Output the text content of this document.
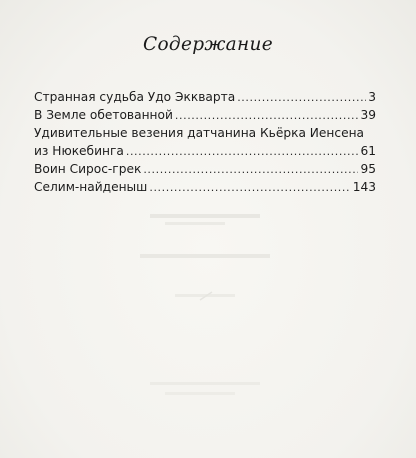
Содержание
Странная судьба Удо Эккварта .....	3
В Земле обетованной .....	39
Удивительные везения датчанина Кьёрка Иенсена
из Нюкебинга .....	61
Воин Сирос-грек .....	95
Селим-найденыш .....	143
